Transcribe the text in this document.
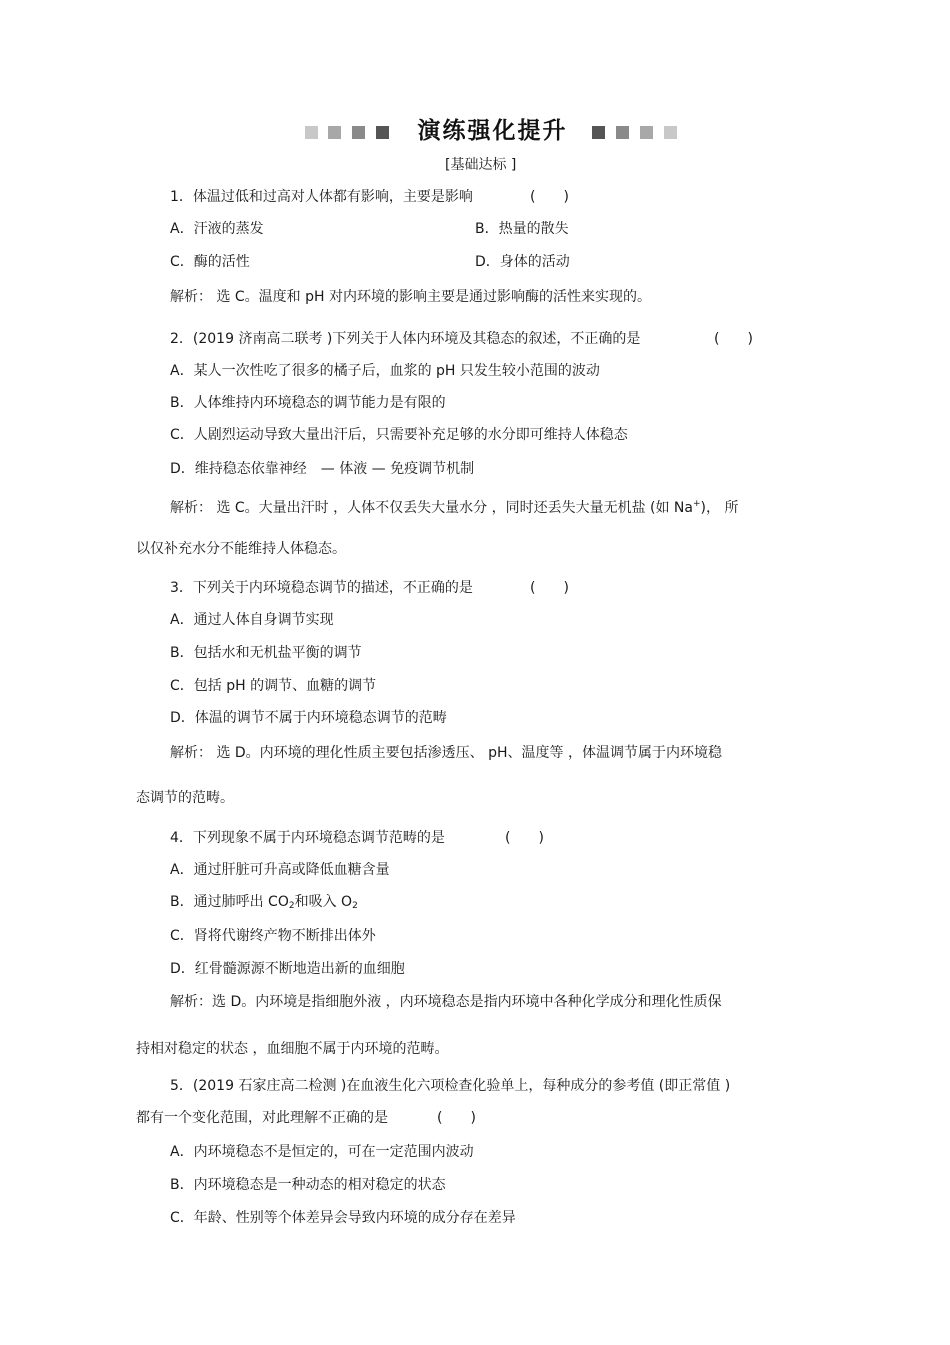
演练强化提升
[基础达标 ]
1．体温过低和过高对人体都有影响，主要是影响	(　　)
A．汗液的蒸发	B．热量的散失
C．酶的活性	D．身体的活动
解析： 选 C。温度和 pH 对内环境的影响主要是通过影响酶的活性来实现的。
2．(2019 济南高二联考 )下列关于人体内环境及其稳态的叙述，不正确的是	(　　)
A．某人一次性吃了很多的橘子后，血浆的 pH 只发生较小范围的波动
B．人体维持内环境稳态的调节能力是有限的
C．人剧烈运动导致大量出汗后，只需要补充足够的水分即可维持人体稳态
D．维持稳态依靠神经　— 体液 — 免疫调节机制
解析： 选 C。大量出汗时 ，人体不仅丢失大量水分 ，同时还丢失大量无机盐 (如 Na+)， 所
以仅补充水分不能维持人体稳态。
3．下列关于内环境稳态调节的描述，不正确的是	(　　)
A．通过人体自身调节实现
B．包括水和无机盐平衡的调节
C．包括 pH 的调节、血糖的调节
D．体温的调节不属于内环境稳态调节的范畴
解析： 选 D。内环境的理化性质主要包括渗透压、 pH、温度等 ，体温调节属于内环境稳
态调节的范畴。
4．下列现象不属于内环境稳态调节范畴的是	(　　)
A．通过肝脏可升高或降低血糖含量
B．通过肺呼出 $CO_2$和吸入 $O_2$
C．肾将代谢终产物不断排出体外
D．红骨髓源源不断地造出新的血细胞
解析：选 D。内环境是指细胞外液 ，内环境稳态是指内环境中各种化学成分和理化性质保
持相对稳定的状态 ，血细胞不属于内环境的范畴。
5．(2019 石家庄高二检测 )在血液生化六项检查化验单上，每种成分的参考值 (即正常值 )
都有一个变化范围，对此理解不正确的是	(　　)
A．内环境稳态不是恒定的，可在一定范围内波动
B．内环境稳态是一种动态的相对稳定的状态
C．年龄、性别等个体差异会导致内环境的成分存在差异
